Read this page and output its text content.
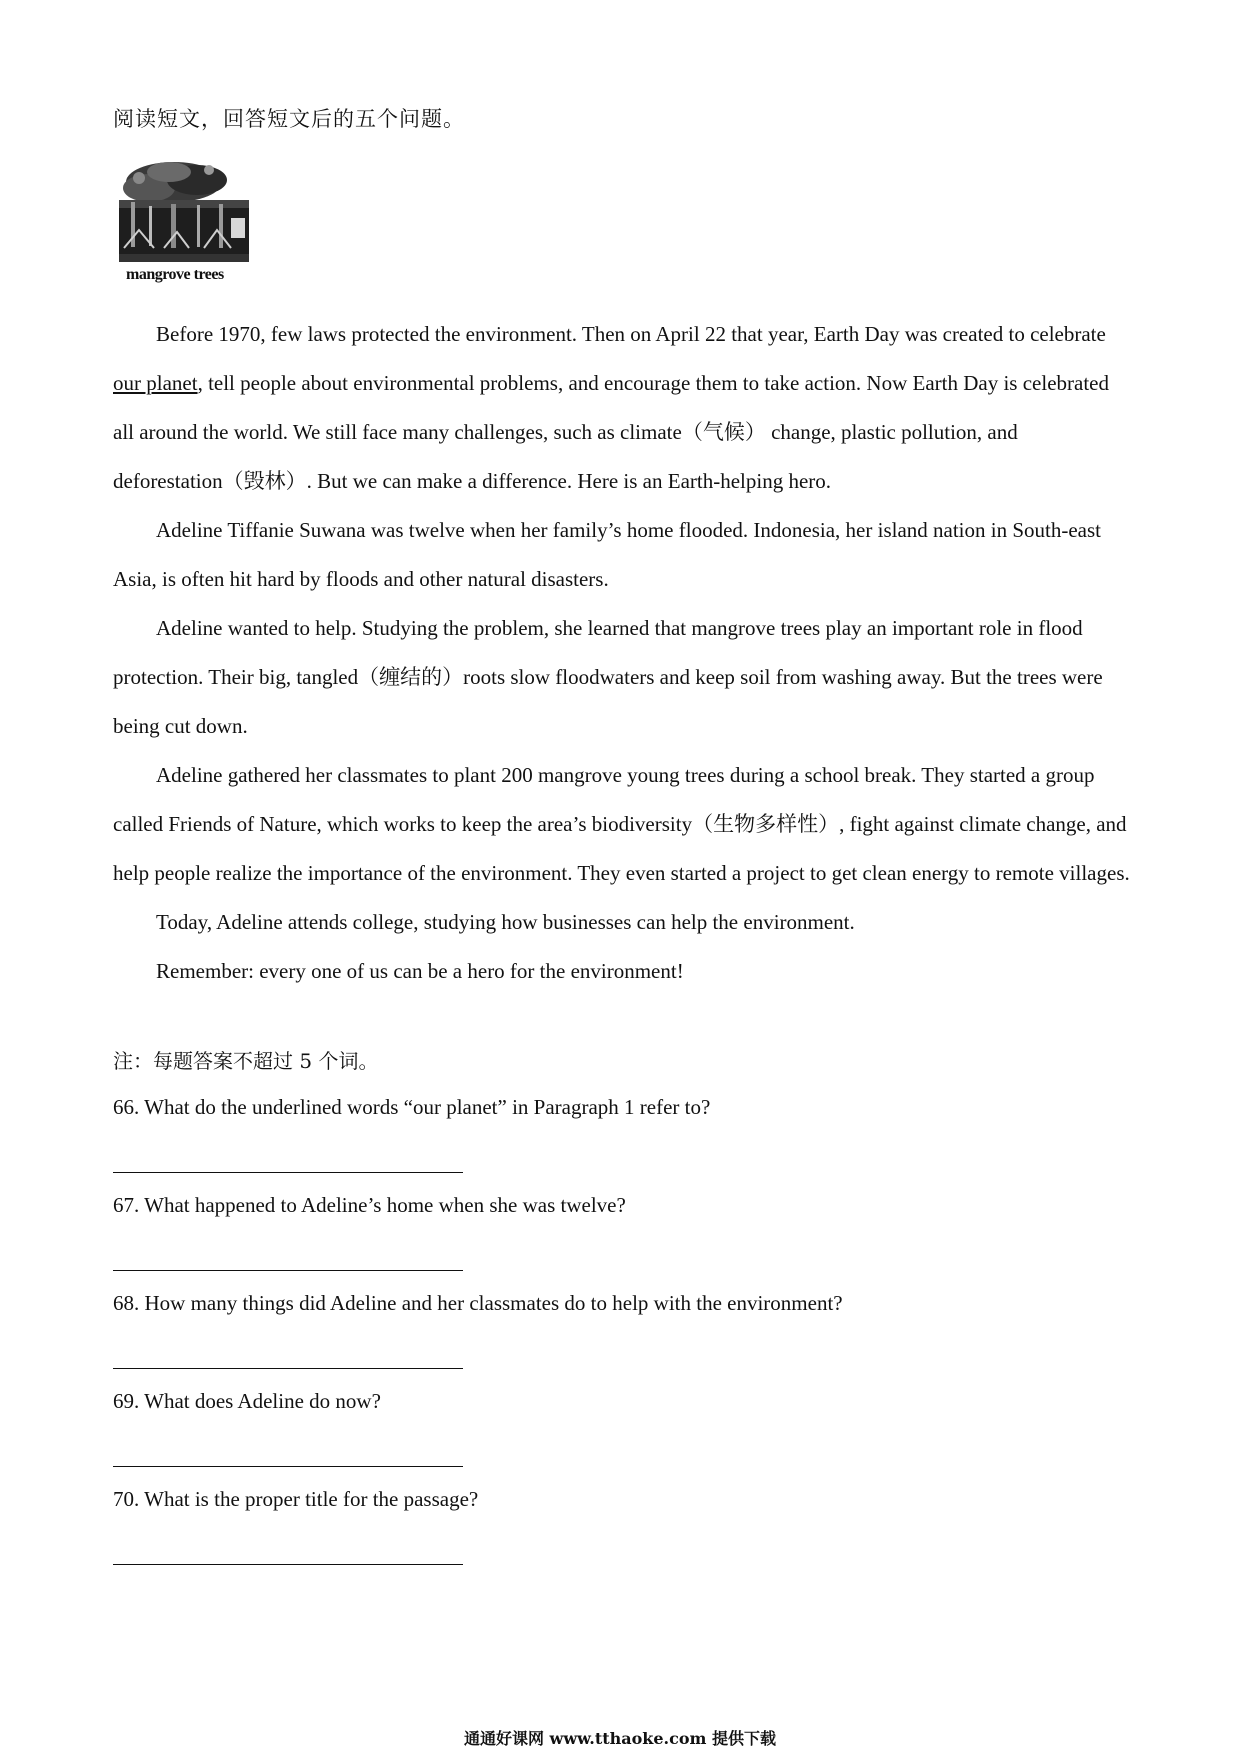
阅读短文，回答短文后的五个问题。
mangrove trees

Before 1970, few laws protected the environment. Then on April 22 that year, Earth Day was created to celebrate our planet, tell people about environmental problems, and encourage them to take action. Now Earth Day is celebrated all around the world. We still face many challenges, such as climate（气候） change, plastic pollution, and deforestation（毁林）. But we can make a difference. Here is an Earth-helping hero.

Adeline Tiffanie Suwana was twelve when her family’s home flooded. Indonesia, her island nation in South-east Asia, is often hit hard by floods and other natural disasters.

Adeline wanted to help. Studying the problem, she learned that mangrove trees play an important role in flood protection. Their big, tangled（缠结的）roots slow floodwaters and keep soil from washing away. But the trees were being cut down.

Adeline gathered her classmates to plant 200 mangrove young trees during a school break. They started a group called Friends of Nature, which works to keep the area’s biodiversity（生物多样性）, fight against climate change, and help people realize the importance of the environment. They even started a project to get clean energy to remote villages.

Today, Adeline attends college, studying how businesses can help the environment.

Remember: every one of us can be a hero for the environment!

注：每题答案不超过 5 个词。
66. What do the underlined words “our planet” in Paragraph 1 refer to?
67. What happened to Adeline’s home when she was twelve?
68. How many things did Adeline and her classmates do to help with the environment?
69. What does Adeline do now?
70. What is the proper title for the passage?
通通好课网 www.tthaoke.com 提供下载
